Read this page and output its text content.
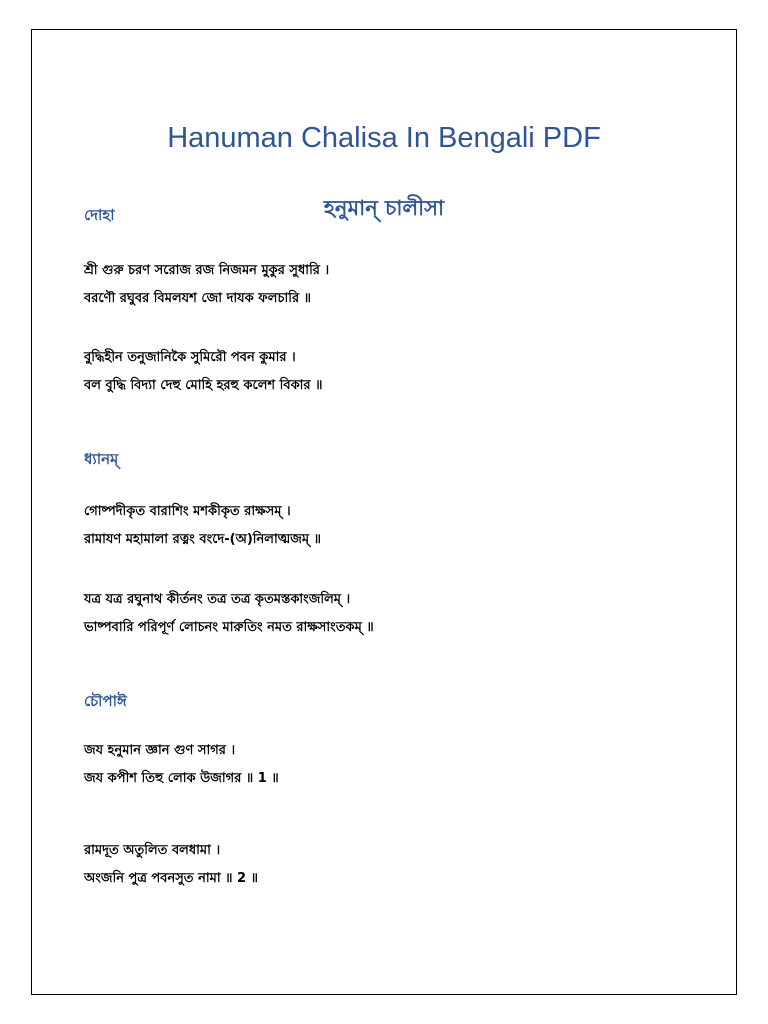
Hanuman Chalisa In Bengali PDF
হনুমান্ চালীসা
দোহা
শ্রী গুরু চরণ সরোজ রজ নিজমন মুকুর সুধারি ।
বরণৌ রঘুবর বিমলযশ জো দাযক ফলচারি ॥
বুদ্ধিহীন তনুজানিকৈ সুমিরৌ পবন কুমার ।
বল বুদ্ধি বিদ্যা দেহু মোহি হরহু কলেশ বিকার ॥
ধ্যানম্
গোষ্পদীকৃত বারাশিং মশকীকৃত রাক্ষসম্ ।
রামাযণ মহামালা রত্নং বংদে-(অ)নিলাত্মজম্ ॥
যত্র যত্র রঘুনাথ কীর্তনং তত্র তত্র কৃতমস্তকাংজলিম্ ।
ভাষ্পবারি পরিপূর্ণ লোচনং মারুতিং নমত রাক্ষসাংতকম্ ॥
চৌপাঈ
জয হনুমান জ্ঞান গুণ সাগর ।
জয কপীশ তিহু লোক উজাগর ॥ 1 ॥
রামদূত অতুলিত বলধামা ।
অংজনি পুত্র পবনসুত নামা ॥ 2 ॥
